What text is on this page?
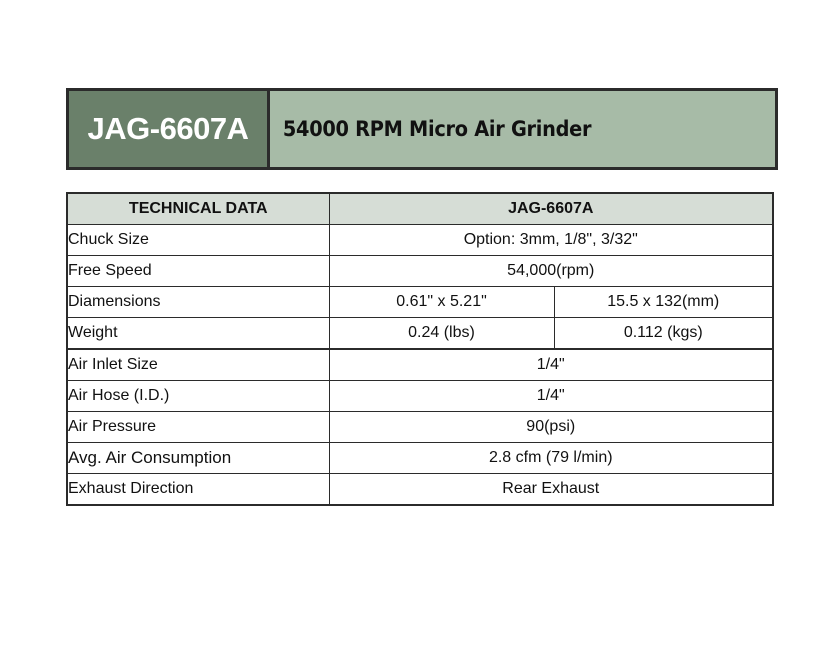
JAG-6607A	54000 RPM Micro Air Grinder
TECHNICAL DATA	JAG-6607A	
Chuck Size	Option: 3mm, 1/8", 3/32"	
Free Speed	54,000(rpm)	
Diamensions	0.61" x 5.21"	15.5 x 132(mm)
Weight	0.24 (lbs)	0.112 (kgs)
Air Inlet Size	1/4"	
Air Hose (I.D.)	1/4"	
Air Pressure	90(psi)	
Avg. Air Consumption	2.8 cfm (79 l/min)	
Exhaust Direction	Rear Exhaust	
